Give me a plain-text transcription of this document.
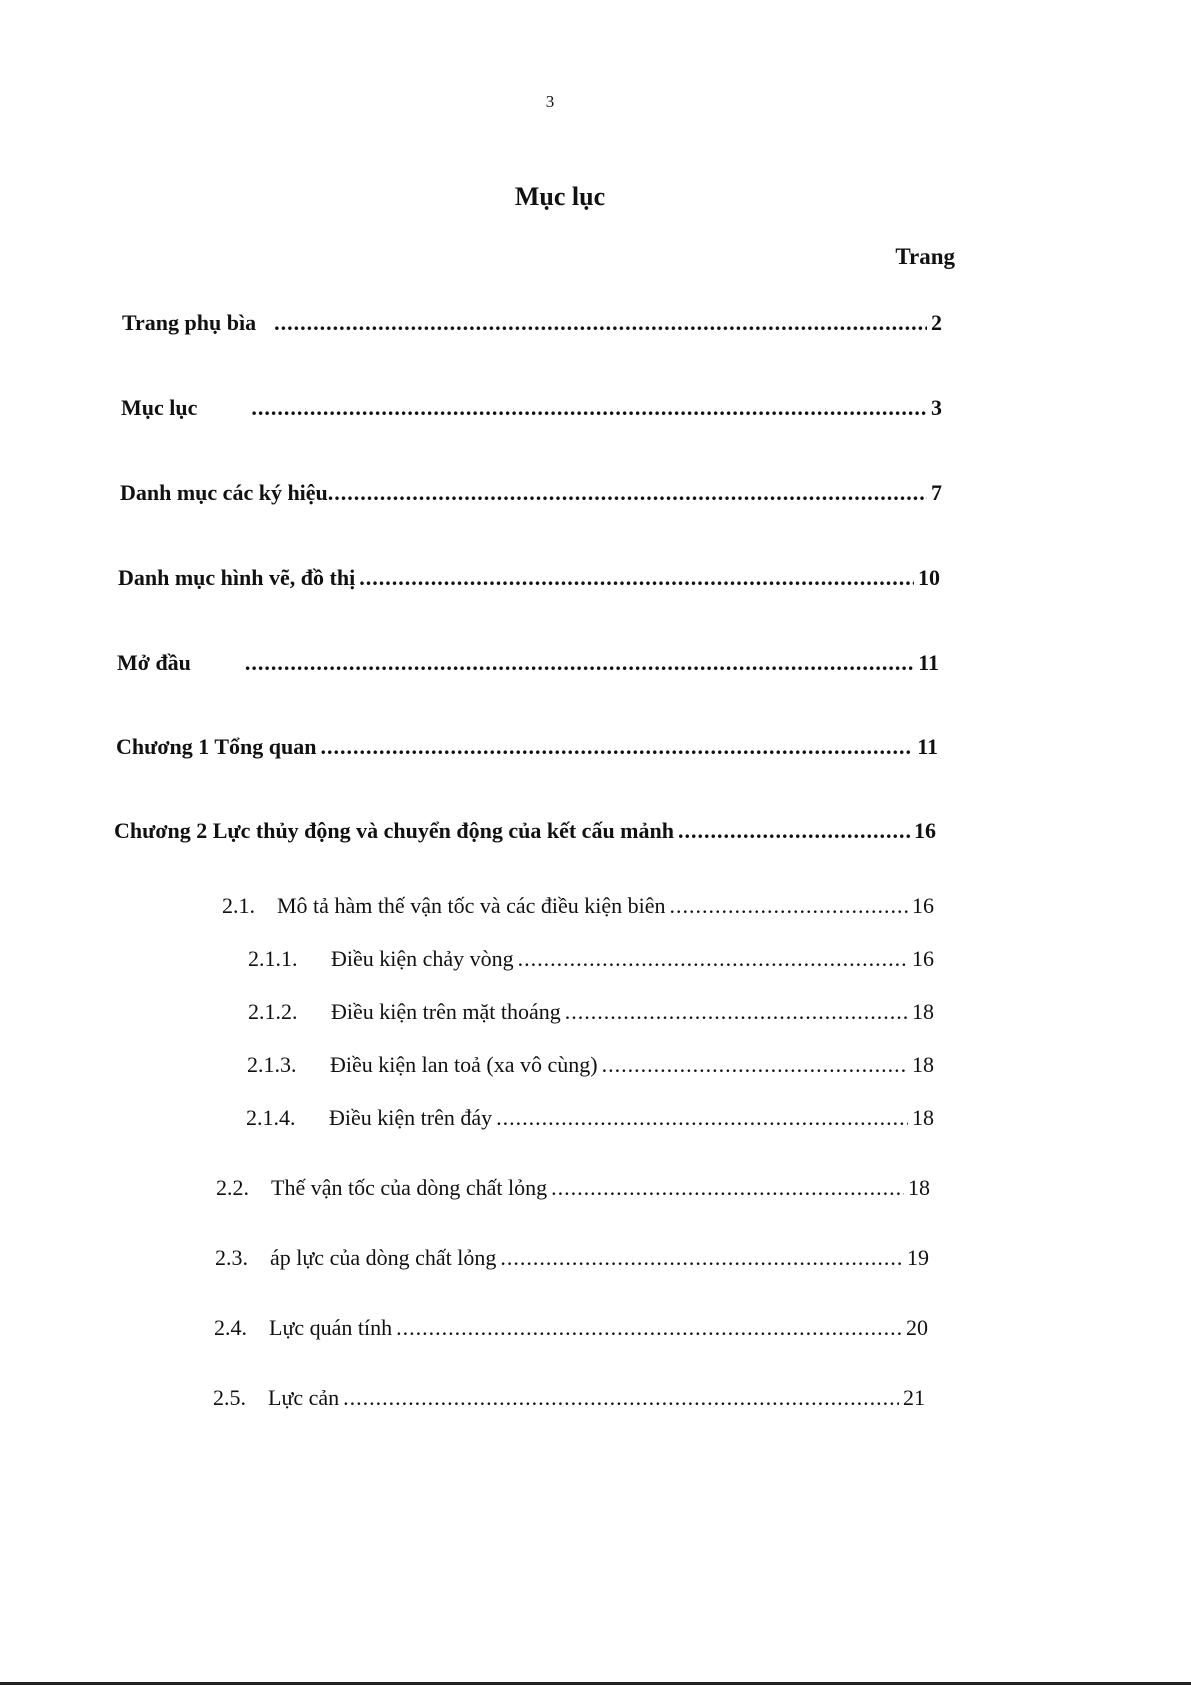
3
Mục lục
Trang
Trang phụ bìa .....	2
Mục lục .....	3
Danh mục các ký hiệu .....	7
Danh mục hình vẽ, đồ thị .....	10
Mở đầu .....	11
Chương 1 Tổng quan .....	11
Chương 2 Lực thủy động và chuyển động của kết cấu mảnh .....	16
2.1.	Mô tả hàm thế vận tốc và các điều kiện biên .....	16
2.1.1.	Điều kiện chảy vòng .....	16
2.1.2.	Điều kiện trên mặt thoáng .....	18
2.1.3.	Điều kiện lan toả (xa vô cùng) .....	18
2.1.4.	Điều kiện trên đáy .....	18
2.2.	Thế vận tốc của dòng chất lỏng .....	18
2.3.	áp lực của dòng chất lỏng .....	19
2.4.	Lực quán tính .....	20
2.5.	Lực cản .....	21
